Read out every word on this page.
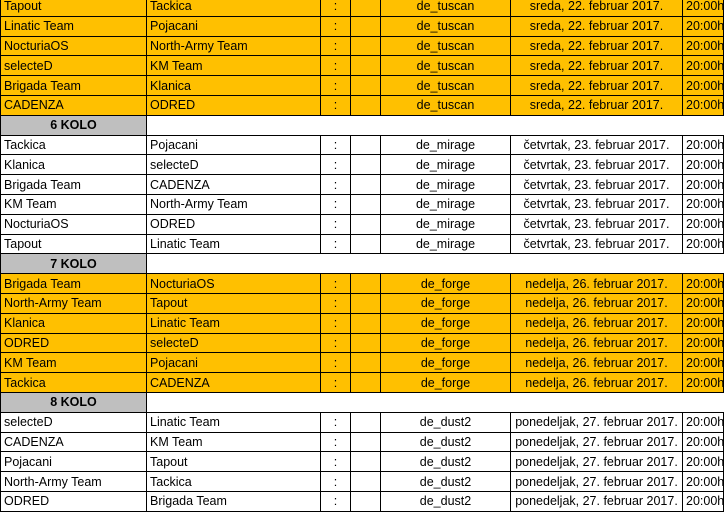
Tapout	Tackica	:		de_tuscan	sreda, 22. februar 2017.	20:00h
Linatic Team	Pojacani	:		de_tuscan	sreda, 22. februar 2017.	20:00h
NocturiaOS	North-Army Team	:		de_tuscan	sreda, 22. februar 2017.	20:00h
selecteD	KM Team	:		de_tuscan	sreda, 22. februar 2017.	20:00h
Brigada Team	Klanica	:		de_tuscan	sreda, 22. februar 2017.	20:00h
CADENZA	ODRED	:		de_tuscan	sreda, 22. februar 2017.	20:00h
6 KOLO						
Tackica	Pojacani	:		de_mirage	četvrtak, 23. februar 2017.	20:00h
Klanica	selecteD	:		de_mirage	četvrtak, 23. februar 2017.	20:00h
Brigada Team	CADENZA	:		de_mirage	četvrtak, 23. februar 2017.	20:00h
KM Team	North-Army Team	:		de_mirage	četvrtak, 23. februar 2017.	20:00h
NocturiaOS	ODRED	:		de_mirage	četvrtak, 23. februar 2017.	20:00h
Tapout	Linatic Team	:		de_mirage	četvrtak, 23. februar 2017.	20:00h
7 KOLO						
Brigada Team	NocturiaOS	:		de_forge	nedelja, 26. februar 2017.	20:00h
North-Army Team	Tapout	:		de_forge	nedelja, 26. februar 2017.	20:00h
Klanica	Linatic Team	:		de_forge	nedelja, 26. februar 2017.	20:00h
ODRED	selecteD	:		de_forge	nedelja, 26. februar 2017.	20:00h
KM Team	Pojacani	:		de_forge	nedelja, 26. februar 2017.	20:00h
Tackica	CADENZA	:		de_forge	nedelja, 26. februar 2017.	20:00h
8 KOLO						
selecteD	Linatic Team	:		de_dust2	ponedeljak, 27. februar 2017.	20:00h
CADENZA	KM Team	:		de_dust2	ponedeljak, 27. februar 2017.	20:00h
Pojacani	Tapout	:		de_dust2	ponedeljak, 27. februar 2017.	20:00h
North-Army Team	Tackica	:		de_dust2	ponedeljak, 27. februar 2017.	20:00h
ODRED	Brigada Team	:		de_dust2	ponedeljak, 27. februar 2017.	20:00h
